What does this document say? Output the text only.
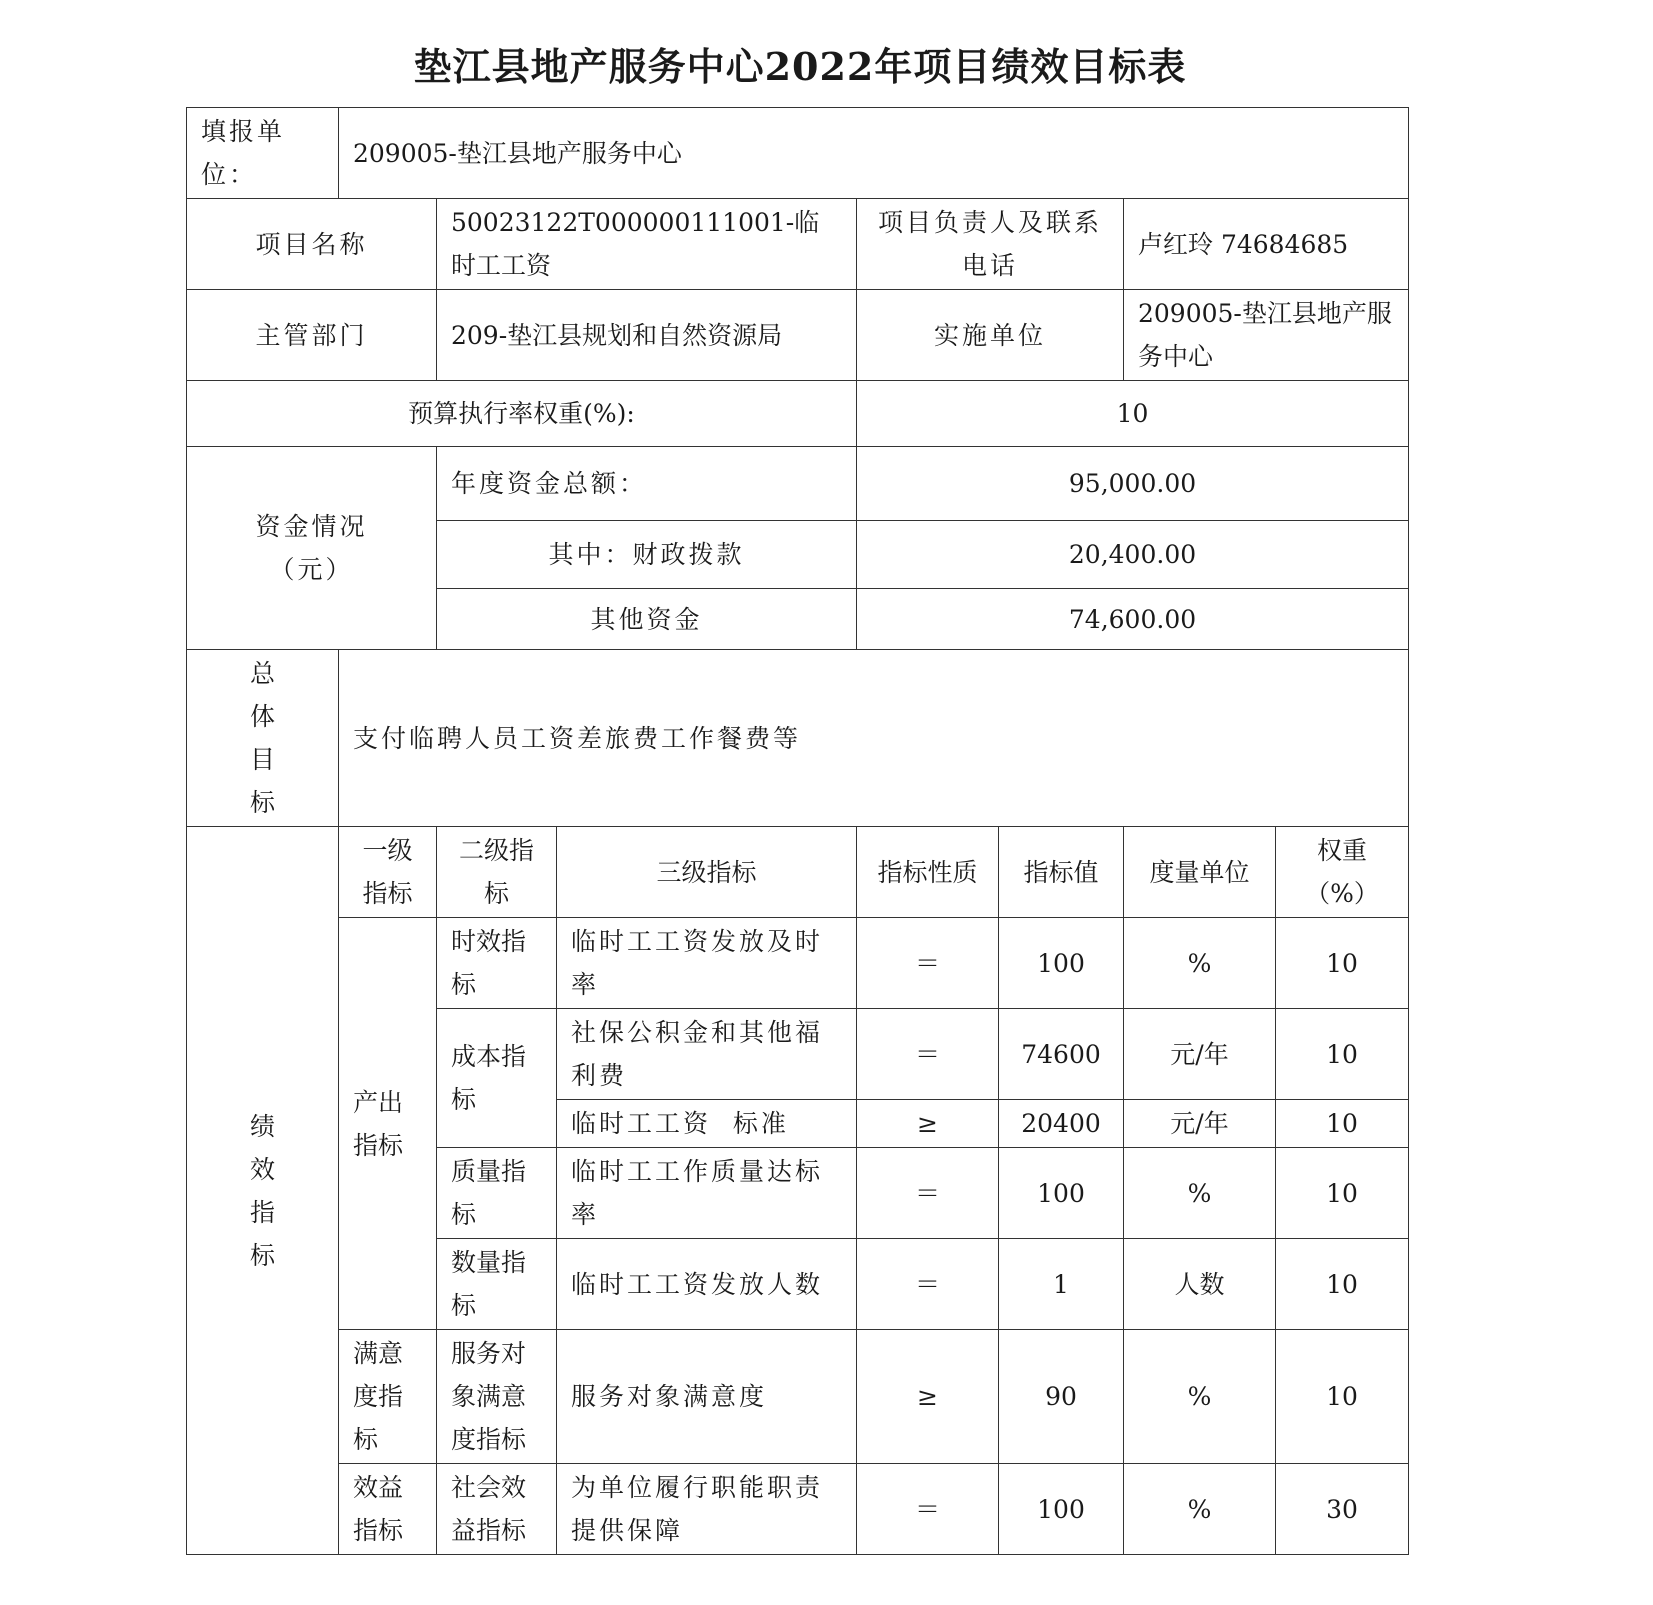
垫江县地产服务中心2022年项目绩效目标表
填报单位：	209005-垫江县地产服务中心						
项目名称		50023122T000000111001-临时工工资		项目负责人及联系电话		卢红玲 74684685	
主管部门		209-垫江县规划和自然资源局		实施单位		209005-垫江县地产服务中心	
预算执行率权重(%):				10			
资金情况（元）		年度资金总额：		95,000.00			
		其中：财政拨款		20,400.00			
		其他资金		74,600.00			

总体目标	支付临聘人员工资差旅费工作餐费等						

绩效指标	一级指标	二级指标	三级指标	指标性质	指标值	度量单位	权重（%）
	产出指标	时效指标	临时工工资发放及时率	＝	100	%	10
		成本指标	社保公积金和其他福利费	＝	74600	元/年	10
			临时工工资  标准	≥	20400	元/年	10
		质量指标	临时工工作质量达标率	＝	100	%	10
		数量指标	临时工工资发放人数	＝	1	人数	10
	满意度指标	服务对象满意度指标	服务对象满意度	≥	90	%	10
	效益指标	社会效益指标	为单位履行职能职责提供保障	＝	100	%	30
